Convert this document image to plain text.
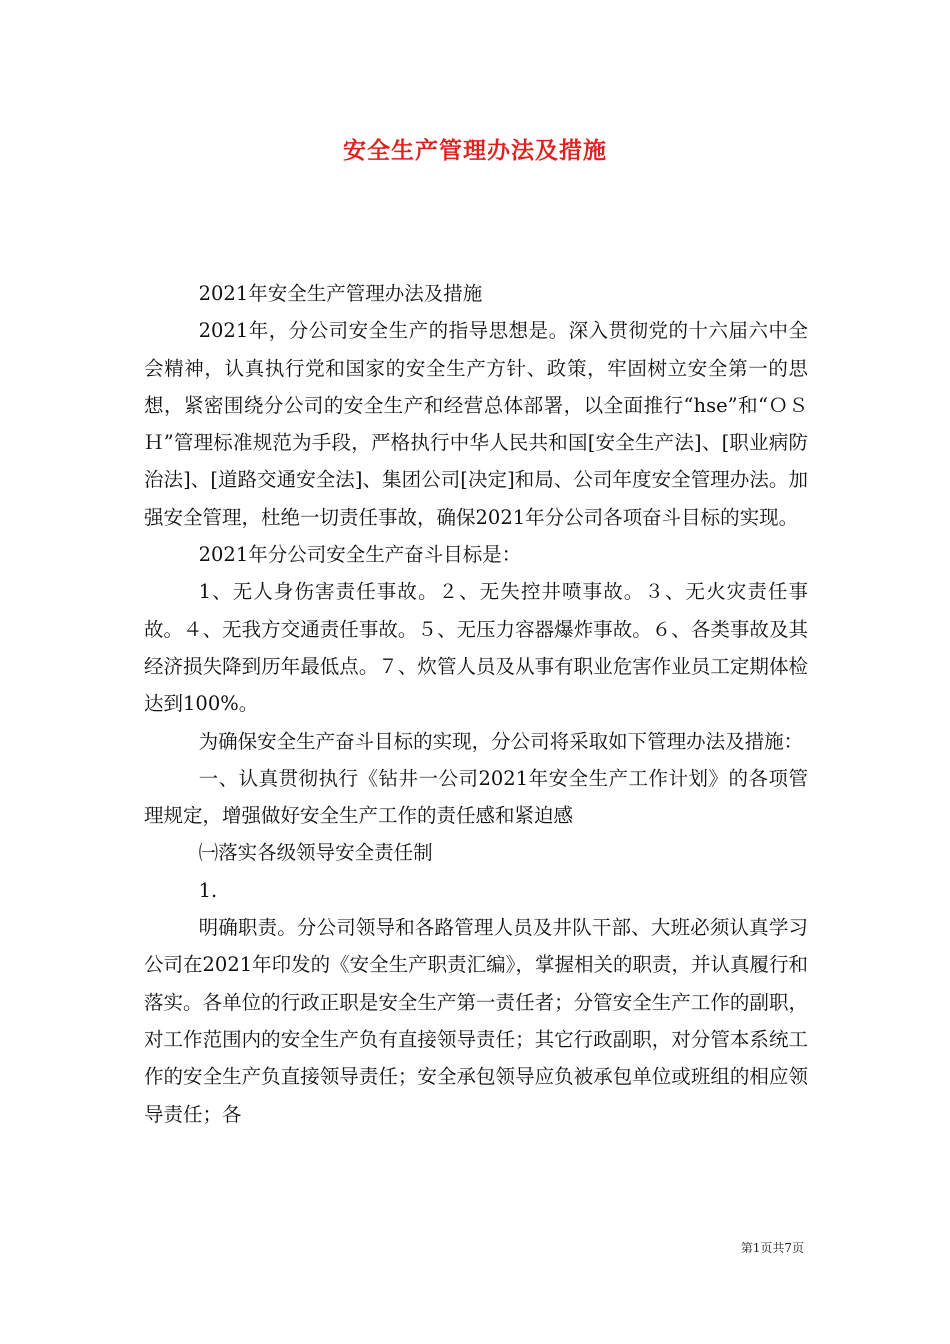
安全生产管理办法及措施

2021年安全生产管理办法及措施

2021年，分公司安全生产的指导思想是。深入贯彻党的十六届六中全会精神，认真执行党和国家的安全生产方针、政策，牢固树立安全第一的思想，紧密围绕分公司的安全生产和经营总体部署，以全面推行“hse”和“ＯＳＨ”管理标准规范为手段，严格执行中华人民共和国[安全生产法]、[职业病防治法]、[道路交通安全法]、集团公司[决定]和局、公司年度安全管理办法。加强安全管理，杜绝一切责任事故，确保2021年分公司各项奋斗目标的实现。

2021年分公司安全生产奋斗目标是：

1、无人身伤害责任事故。２、无失控井喷事故。３、无火灾责任事故。４、无我方交通责任事故。５、无压力容器爆炸事故。６、各类事故及其经济损失降到历年最低点。７、炊管人员及从事有职业危害作业员工定期体检达到100%。

为确保安全生产奋斗目标的实现，分公司将采取如下管理办法及措施：

一、认真贯彻执行《钻井一公司2021年安全生产工作计划》的各项管理规定，增强做好安全生产工作的责任感和紧迫感

㈠落实各级领导安全责任制

1.

明确职责。分公司领导和各路管理人员及井队干部、大班必须认真学习公司在2021年印发的《安全生产职责汇编》，掌握相关的职责，并认真履行和落实。各单位的行政正职是安全生产第一责任者；分管安全生产工作的副职，对工作范围内的安全生产负有直接领导责任；其它行政副职，对分管本系统工作的安全生产负直接领导责任；安全承包领导应负被承包单位或班组的相应领导责任；各

第1页共7页
